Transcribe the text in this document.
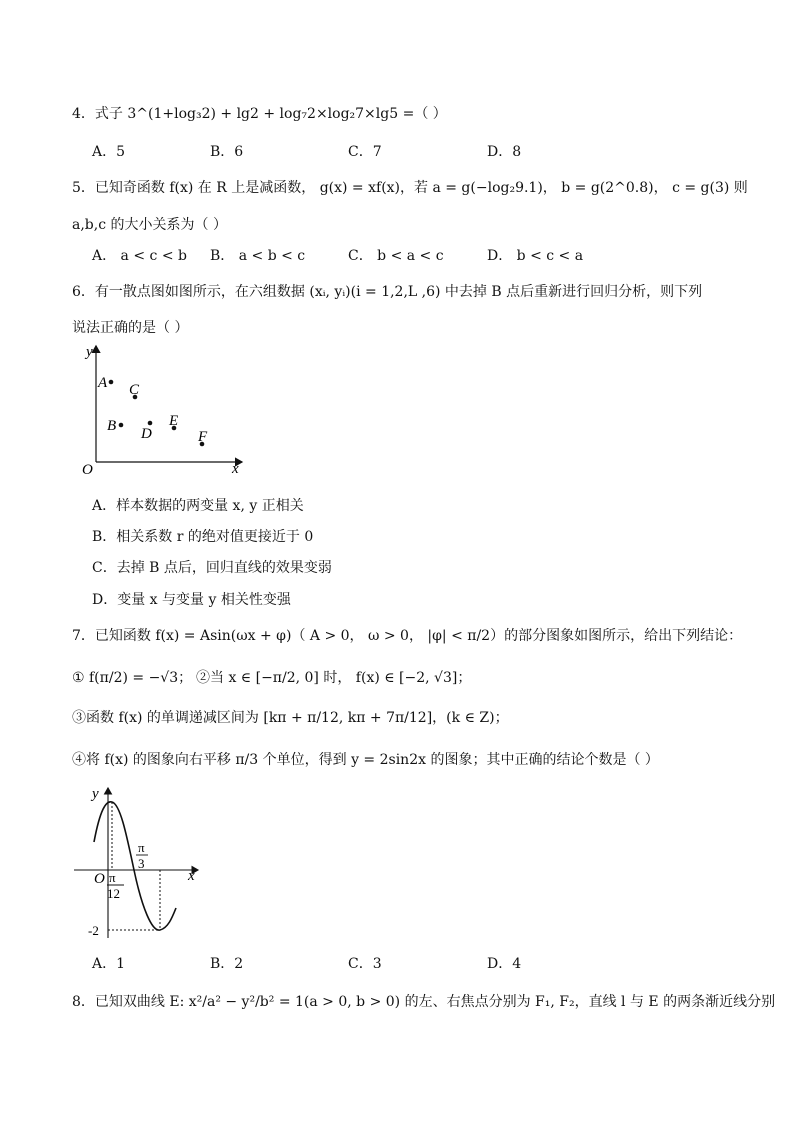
4．式子 3^(1+log₃2) + lg2 + log₇2×log₂7×lg5 =（ ）
A．5	B．6	C．7	D．8
5．已知奇函数 f(x) 在 R 上是减函数， g(x) = xf(x)，若 a = g(−log₂9.1)， b = g(2^0.8)， c = g(3) 则
a,b,c 的大小关系为（ ）
A． a < c < b B． a < b < c	C． b < a < c	D． b < c < a
6．有一散点图如图所示，在六组数据 (xᵢ, yᵢ)(i = 1,2,L ,6) 中去掉 B 点后重新进行回归分析，则下列
说法正确的是（ ）
y
x
O
A C
B D
E
F
A．样本数据的两变量 x, y 正相关
B．相关系数 r 的绝对值更接近于 0
C．去掉 B 点后，回归直线的效果变弱
D．变量 x 与变量 y 相关性变强
7．已知函数 f(x) = Asin(ωx + φ)（ A > 0， ω > 0， |φ| < π/2）的部分图象如图所示，给出下列结论：
① f(π/2) = −√3； ②当 x ∈ [−π/2, 0] 时， f(x) ∈ [−2, √3]；
③函数 f(x) 的单调递减区间为 [kπ + π/12, kπ + 7π/12]，(k ∈ Z)；
④将 f(x) 的图象向右平移 π/3 个单位，得到 y = 2sin2x 的图象；其中正确的结论个数是（ ）
y
x
O π
12
π
3
-2
A．1	B．2	C．3	D．4
8．已知双曲线 E: x²/a² − y²/b² = 1(a > 0, b > 0) 的左、右焦点分别为 F₁, F₂，直线 l 与 E 的两条渐近线分别
